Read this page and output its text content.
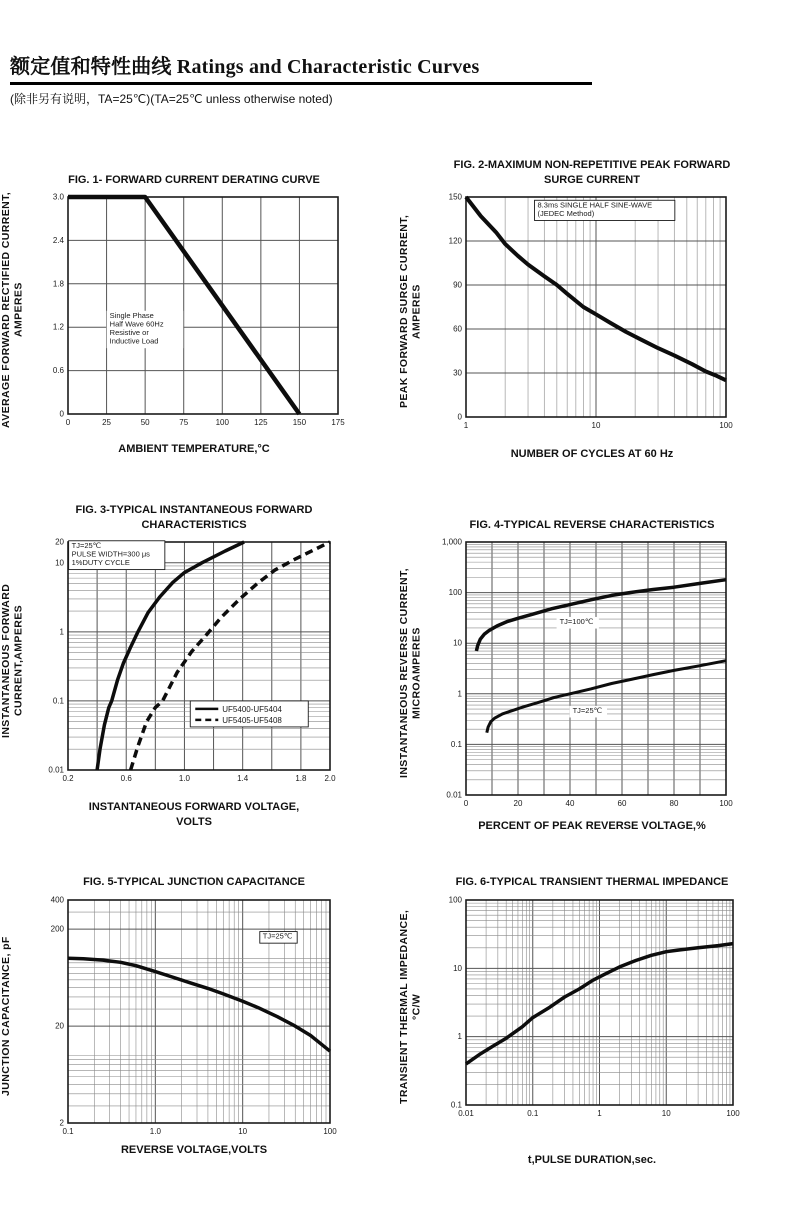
额定值和特性曲线 Ratings and Characteristic Curves
(除非另有说明，TA=25℃)(TA=25℃ unless otherwise noted)
FIG. 1- FORWARD CURRENT DERATING CURVE
AVERAGE FORWARD RECTIFIED CURRENT, AMPERES
0	25	50	75	100	125	150	175
0
0.6
1.2
1.8
2.4
3.0
Single Phase
Half Wave 60Hz
Resistive or
Inductive Load
AMBIENT TEMPERATURE,°C
FIG. 2-MAXIMUM NON-REPETITIVE PEAK FORWARD
SURGE CURRENT
PEAK FORWARD SURGE CURRENT, AMPERES
1	10	100
0
30
60
90
120
150
8.3ms SINGLE HALF SINE-WAVE
(JEDEC Method)
NUMBER OF CYCLES AT 60 Hz
FIG. 3-TYPICAL INSTANTANEOUS FORWARD
CHARACTERISTICS
INSTANTANEOUS FORWARD CURRENT,AMPERES
0.2	0.6	1.0	1.4	1.8 2.0
0.01
0.1
1
10
20 TJ=25℃
PULSE WIDTH=300 μs
1%DUTY CYCLE
UF5400-UF5404
UF5405-UF5408
INSTANTANEOUS FORWARD VOLTAGE,
VOLTS
FIG. 4-TYPICAL REVERSE CHARACTERISTICS
INSTANTANEOUS REVERSE CURRENT, MICROAMPERES
0	20	40	60	80	100
0.01
0.1
1
10
100
1,000
TJ=100℃
TJ=25℃
PERCENT OF PEAK REVERSE VOLTAGE,%
FIG. 5-TYPICAL JUNCTION CAPACITANCE
JUNCTION CAPACITANCE, pF
0.1	1.0	10	100
2
20
200
400
TJ=25℃
REVERSE VOLTAGE,VOLTS
FIG. 6-TYPICAL TRANSIENT THERMAL IMPEDANCE
TRANSIENT THERMAL IMPEDANCE, °C/W
0.01	0.1	1	10	100
0.1
1
10
100
t,PULSE DURATION,sec.
